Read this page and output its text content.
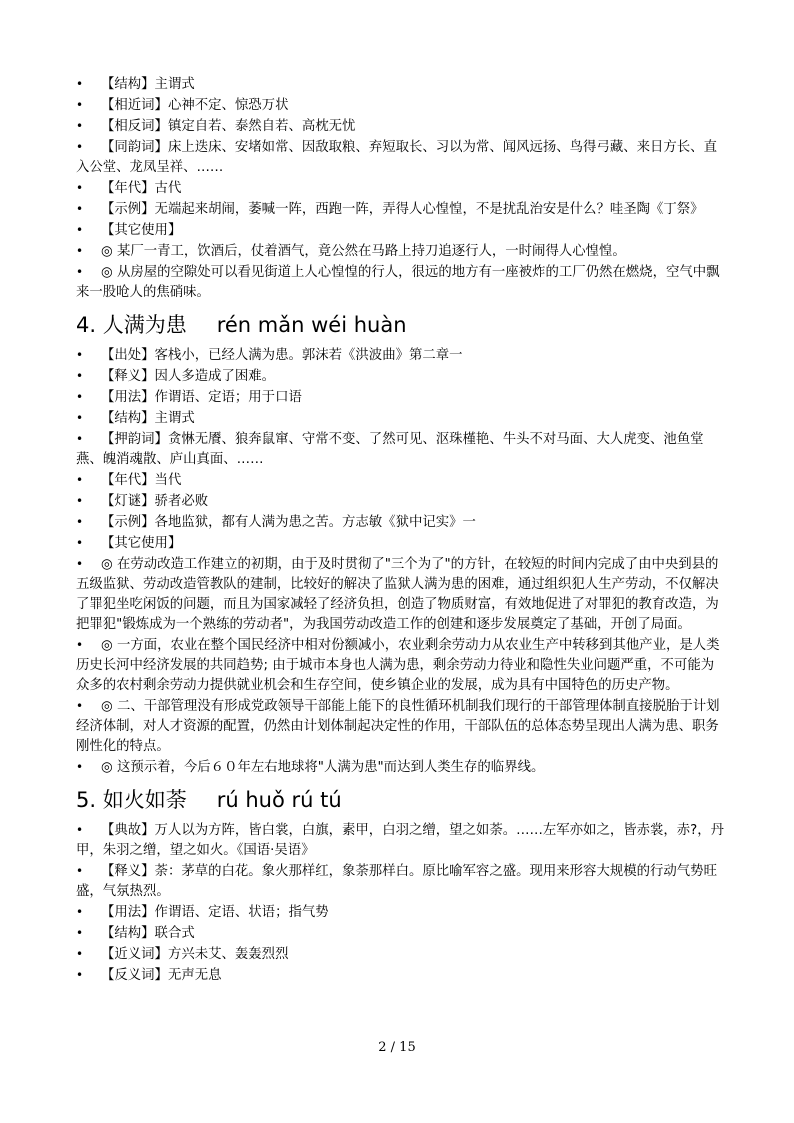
• 【结构】主谓式
• 【相近词】心神不定、惊恐万状
• 【相反词】镇定自若、泰然自若、高枕无忧
• 【同韵词】床上迭床、安堵如常、因敌取粮、弃短取长、习以为常、闻风远扬、鸟得弓藏、来日方长、直入公堂、龙凤呈祥、……
• 【年代】古代
• 【示例】无端起来胡闹，萎喊一阵，西跑一阵，弄得人心惶惶，不是扰乱治安是什么？哇圣陶《丁祭》
• 【其它使用】
• ◎ 某厂一青工，饮酒后，仗着酒气，竟公然在马路上持刀追逐行人，一时闹得人心惶惶。
• ◎ 从房屋的空隙处可以看见街道上人心惶惶的行人，很远的地方有一座被炸的工厂仍然在燃烧，空气中飘来一股呛人的焦硝味。
4. 人满为患 rén mǎn wéi huàn
• 【出处】客栈小，已经人满为患。郭沫若《洪波曲》第二章一
• 【释义】因人多造成了困难。
• 【用法】作谓语、定语；用于口语
• 【结构】主谓式
• 【押韵词】贪惏无餍、狼奔鼠窜、守常不变、了然可见、沤珠槿艳、牛头不对马面、大人虎变、池鱼堂燕、魄消魂散、庐山真面、……
• 【年代】当代
• 【灯谜】骄者必败
• 【示例】各地监狱，都有人满为患之苦。方志敏《狱中记实》一
• 【其它使用】
• ◎ 在劳动改造工作建立的初期，由于及时贯彻了"三个为了"的方针，在较短的时间内完成了由中央到县的五级监狱、劳动改造管教队的建制，比较好的解决了监狱人满为患的困难，通过组织犯人生产劳动，不仅解决了罪犯坐吃闲饭的问题，而且为国家减轻了经济负担，创造了物质财富，有效地促进了对罪犯的教育改造，为把罪犯"锻炼成为一个熟练的劳动者"，为我国劳动改造工作的创建和逐步发展奠定了基础，开创了局面。
• ◎ 一方面，农业在整个国民经济中相对份额减小，农业剩余劳动力从农业生产中转移到其他产业，是人类历史长河中经济发展的共同趋势; 由于城市本身也人满为患，剩余劳动力待业和隐性失业问题严重，不可能为众多的农村剩余劳动力提供就业机会和生存空间，使乡镇企业的发展，成为具有中国特色的历史产物。
• ◎ 二、干部管理没有形成党政领导干部能上能下的良性循环机制我们现行的干部管理体制直接脱胎于计划经济体制，对人才资源的配置，仍然由计划体制起决定性的作用，干部队伍的总体态势呈现出人满为患、职务刚性化的特点。
• ◎ 这预示着，今后６０年左右地球将"人满为患"而达到人类生存的临界线。
5. 如火如荼 rú huǒ rú tú
• 【典故】万人以为方阵，皆白裳，白旗，素甲，白羽之缯，望之如荼。……左军亦如之，皆赤裳，赤?，丹甲，朱羽之缯，望之如火。《国语·吴语》
• 【释义】荼：茅草的白花。象火那样红，象荼那样白。原比喻军容之盛。现用来形容大规模的行动气势旺盛，气氛热烈。
• 【用法】作谓语、定语、状语；指气势
• 【结构】联合式
• 【近义词】方兴未艾、轰轰烈烈
• 【反义词】无声无息
2 / 15
